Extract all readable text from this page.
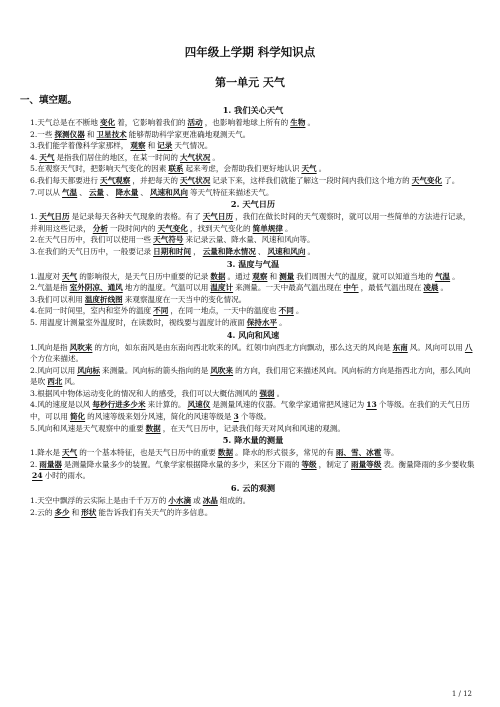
四年级上学期 科学知识点
第一单元 天气
一、填空题。
1. 我们关心天气

1.天气总是在不断地 变化 着，它影响着我们的 活动 ，也影响着地球上所有的 生物 。

2.一些 探测仪器 和 卫星技术 能够帮助科学家更准确地观测天气。

3.我们能学着像科学家那样， 观察 和 记录 天气情况。

4. 天气 是指我们居住的地区，在某一时间的 大气状况 。

5.在观察天气时，把影响天气变化的因素 联系 起来考虑，会帮助我们更好地认识 天气 。

6.我们每天都要进行 天气观察 ，并把每天的 天气状况 记录下来，这样我们就能了解这一段时间内我们这个地方的 天气变化 了。

7.可以从 气温 、 云量 、 降水量 、 风速和风向 等天气特征来描述天气。

2. 天气日历

1. 天气日历 是记录每天各种天气现象的表格。有了 天气日历 ，我们在做长时间的天气观察时，就可以用一些简单的方法进行记录，并利用这些记录， 分析 一段时间内的 天气变化 ，找到天气变化的 简单规律 。

2.在天气日历中，我们可以使用一些 天气符号 来记录云量、降水量、风速和风向等。

3.在我们的天气日历中，一般要记录 日期和时间 ， 云量和降水情况 、 风速和风向 。

3. 温度与气温

1.温度对 天气 的影响很大，是天气日历中重要的记录 数据 。通过 观察 和 测量 我们周围大气的温度，就可以知道当地的 气温 。

2.气温是指 室外阴凉、通风 地方的温度。气温可以用 温度计 来测量。一天中最高气温出现在 中午 ，最低气温出现在 凌晨 。

3.我们可以利用 温度折线图 来观察温度在一天当中的变化情况。

4.在同一时间里，室内和室外的温度 不同 ，在同一地点，一天中的温度也 不同 。

5. 用温度计测量室外温度时，在读数时，视线要与温度计的液面 保持水平 。

4. 风向和风速

1.风向是指 风吹来 的方向，如东南风是由东南向西北吹来的风。红领巾向西北方向飘动，那么这天的风向是 东南 风。风向可以用 八个方位来描述。

2.风向可以用 风向标 来测量。风向标的箭头指向的是 风吹来 的方向，我们用它来描述风向。风向标的方向是指西北方向，那么风向是吹 西北 风。

3.根据风中物体运动变化的情况和人的感受，我们可以大概估测风的 强弱 。

4.风的速度是以风 每秒行进多少米 来计算的。 风速仪 是测量风速的仪器。气象学家通常把风速记为 13 个等级。在我们的天气日历中，可以用 简化 的风速等级来划分风速，简化的风速等级是 3 个等级。

5.风向和风速是天气观察中的重要 数据 ，在天气日历中，记录我们每天对风向和风速的观测。

5. 降水量的测量

1.降水是 天气 的一个基本特征，也是天气日历中的重要 数据 。降水的形式很多，常见的有 雨、雪、冰雹 等。

2. 雨量器 是测量降水量多少的装置。气象学家根据降水量的多少，来区分下雨的 等级 ，制定了 雨量等级 表。衡量降雨的多少要收集24 小时的雨水。

6. 云的观测

1.天空中飘浮的云实际上是由千千万万的 小水滴 或 冰晶 组成的。

2.云的 多少 和 形状 能告诉我们有关天气的许多信息。

1 / 12
